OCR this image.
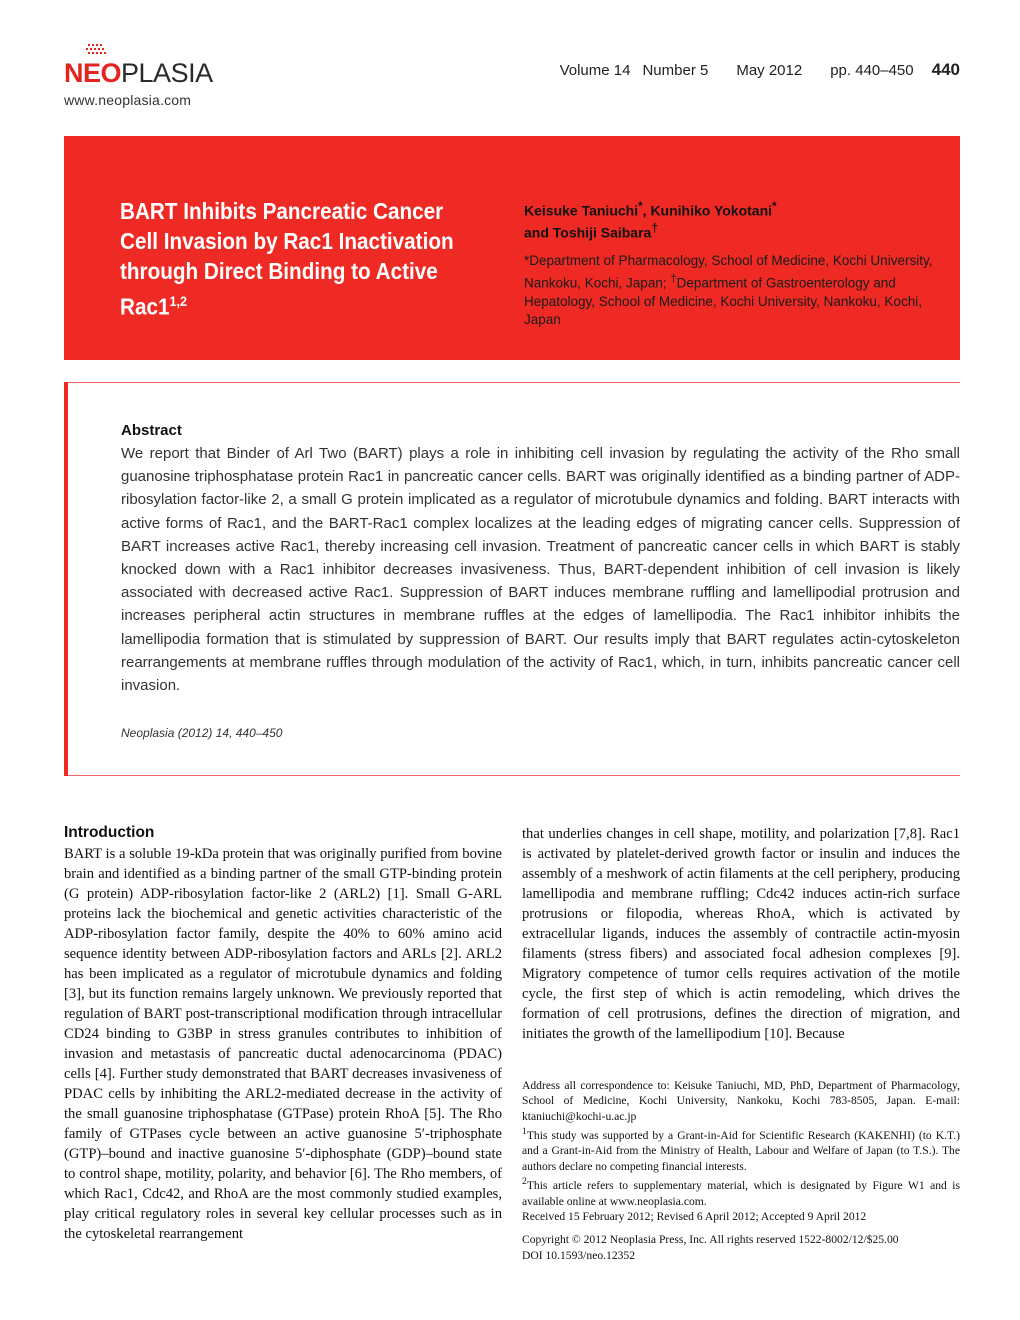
NEOPLASIA
www.neoplasia.com
Volume 14 Number 5 May 2012 pp. 440–450 440
BART Inhibits Pancreatic Cancer Cell Invasion by Rac1 Inactivation through Direct Binding to Active Rac1$^{1,2}$
Keisuke Taniuchi*, Kunihiko Yokotani*
and Toshiji Saibara†
*Department of Pharmacology, School of Medicine, Kochi University, Nankoku, Kochi, Japan; †Department of Gastroenterology and Hepatology, School of Medicine, Kochi University, Nankoku, Kochi, Japan
Abstract
We report that Binder of Arl Two (BART) plays a role in inhibiting cell invasion by regulating the activity of the Rho small guanosine triphosphatase protein Rac1 in pancreatic cancer cells. BART was originally identified as a binding partner of ADP-ribosylation factor-like 2, a small G protein implicated as a regulator of microtubule dynamics and folding. BART interacts with active forms of Rac1, and the BART-Rac1 complex localizes at the leading edges of migrating cancer cells. Suppression of BART increases active Rac1, thereby increasing cell invasion. Treatment of pancreatic cancer cells in which BART is stably knocked down with a Rac1 inhibitor decreases invasiveness. Thus, BART-dependent inhibition of cell invasion is likely associated with decreased active Rac1. Suppression of BART induces membrane ruffling and lamellipodial protrusion and increases peripheral actin structures in membrane ruffles at the edges of lamellipodia. The Rac1 inhibitor inhibits the lamellipodia formation that is stimulated by suppression of BART. Our results imply that BART regulates actin-cytoskeleton rearrangements at membrane ruffles through modulation of the activity of Rac1, which, in turn, inhibits pancreatic cancer cell invasion.
Neoplasia (2012) 14, 440–450
Introduction
BART is a soluble 19-kDa protein that was originally purified from bovine brain and identified as a binding partner of the small GTP-binding protein (G protein) ADP-ribosylation factor-like 2 (ARL2) [1]. Small G-ARL proteins lack the biochemical and genetic activities characteristic of the ADP-ribosylation factor family, despite the 40% to 60% amino acid sequence identity between ADP-ribosylation factors and ARLs [2]. ARL2 has been implicated as a regulator of microtubule dynamics and folding [3], but its function remains largely unknown. We previously reported that regulation of BART post-transcriptional modification through intracellular CD24 binding to G3BP in stress granules contributes to inhibition of invasion and metastasis of pancreatic ductal adenocarcinoma (PDAC) cells [4]. Further study demonstrated that BART decreases invasiveness of PDAC cells by inhibiting the ARL2-mediated decrease in the activity of the small guanosine triphosphatase (GTPase) protein RhoA [5]. The Rho family of GTPases cycle between an active guanosine 5′-triphosphate (GTP)–bound and inactive guanosine 5′-diphosphate (GDP)–bound state to control shape, motility, polarity, and behavior [6]. The Rho members, of which Rac1, Cdc42, and RhoA are the most commonly studied examples, play critical regulatory roles in several key cellular processes such as in the cytoskeletal rearrangement
that underlies changes in cell shape, motility, and polarization [7,8]. Rac1 is activated by platelet-derived growth factor or insulin and induces the assembly of a meshwork of actin filaments at the cell periphery, producing lamellipodia and membrane ruffling; Cdc42 induces actin-rich surface protrusions or filopodia, whereas RhoA, which is activated by extracellular ligands, induces the assembly of contractile actin-myosin filaments (stress fibers) and associated focal adhesion complexes [9]. Migratory competence of tumor cells requires activation of the motile cycle, the first step of which is actin remodeling, which drives the formation of cell protrusions, defines the direction of migration, and initiates the growth of the lamellipodium [10]. Because

Address all correspondence to: Keisuke Taniuchi, MD, PhD, Department of Pharmacology, School of Medicine, Kochi University, Nankoku, Kochi 783-8505, Japan. E-mail: ktaniuchi@kochi-u.ac.jp

$^1$This study was supported by a Grant-in-Aid for Scientific Research (KAKENHI) (to K.T.) and a Grant-in-Aid from the Ministry of Health, Labour and Welfare of Japan (to T.S.). The authors declare no competing financial interests.

$^2$This article refers to supplementary material, which is designated by Figure W1 and is available online at www.neoplasia.com.

Received 15 February 2012; Revised 6 April 2012; Accepted 9 April 2012

Copyright © 2012 Neoplasia Press, Inc. All rights reserved 1522-8002/12/$25.00

DOI 10.1593/neo.12352
